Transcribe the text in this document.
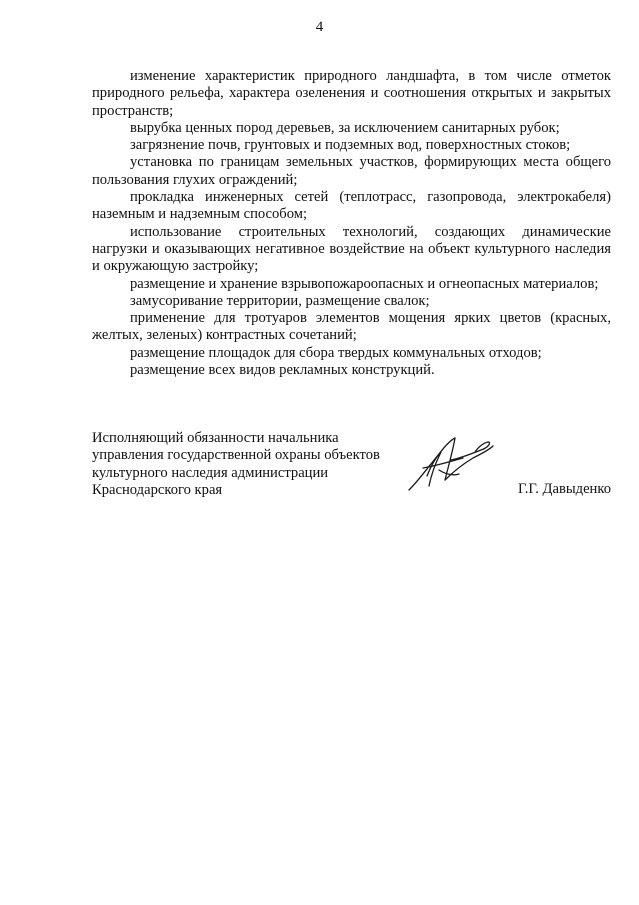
4

изменение характеристик природного ландшафта, в том числе отметок природного рельефа, характера озеленения и соотношения открытых и закрытых пространств;

вырубка ценных пород деревьев, за исключением санитарных рубок;

загрязнение почв, грунтовых и подземных вод, поверхностных стоков;

установка по границам земельных участков, формирующих места общего пользования глухих ограждений;

прокладка инженерных сетей (теплотрасс, газопровода, электрокабеля) наземным и надземным способом;

использование строительных технологий, создающих динамические нагрузки и оказывающих негативное воздействие на объект культурного наследия и окружающую застройку;

размещение и хранение взрывопожароопасных и огнеопасных материалов;

замусоривание территории, размещение свалок;

применение для тротуаров элементов мощения ярких цветов (красных, желтых, зеленых) контрастных сочетаний;

размещение площадок для сбора твердых коммунальных отходов;

размещение всех видов рекламных конструкций.

Исполняющий обязанности начальника
управления государственной охраны объектов
культурного наследия администрации
Краснодарского края	Г.Г. Давыденко
